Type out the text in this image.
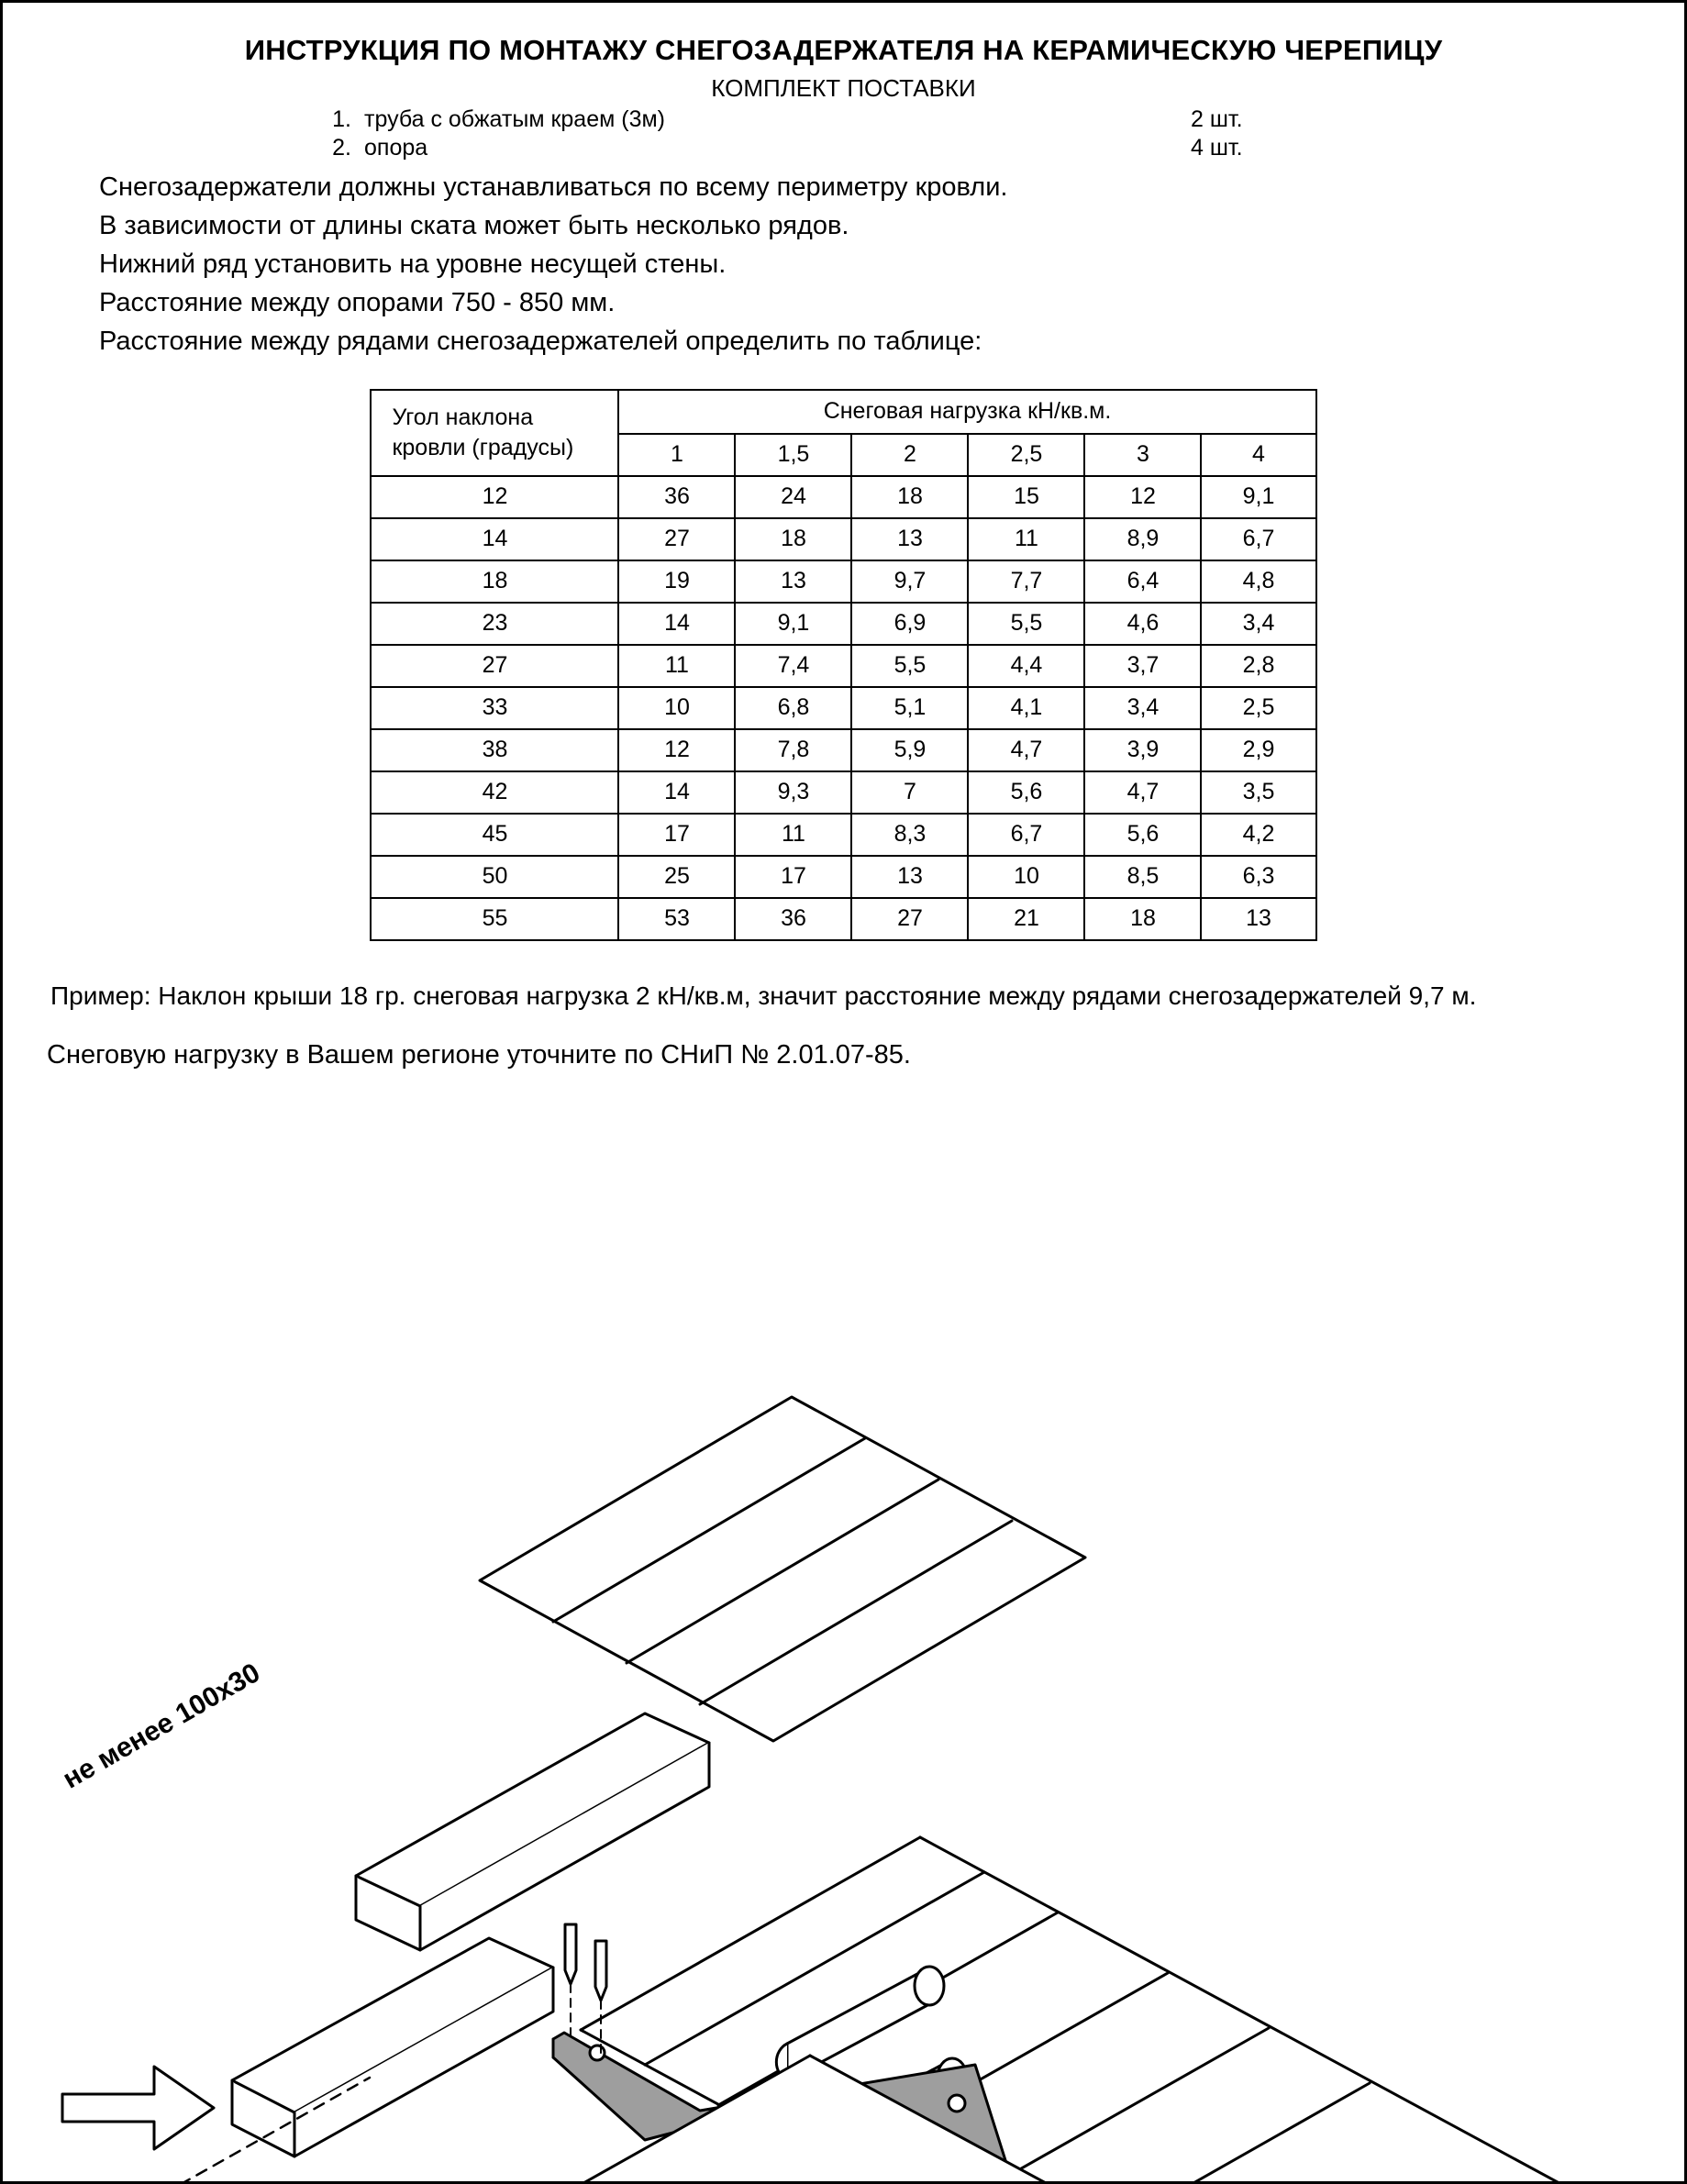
ИНСТРУКЦИЯ ПО МОНТАЖУ СНЕГОЗАДЕРЖАТЕЛЯ НА КЕРАМИЧЕСКУЮ ЧЕРЕПИЦУ
КОМПЛЕКТ ПОСТАВКИ
1. труба с обжатым краем (3м)	2 шт.
2. опора	4 шт.
Снегозадержатели должны устанавливаться по всему периметру кровли.
В зависимости от длины ската может быть несколько рядов.
Нижний ряд установить на уровне несущей стены.
Расстояние между опорами 750 - 850 мм.
Расстояние между рядами снегозадержателей определить по таблице:
Угол наклона
кровли (градусы)	Снеговая нагрузка кН/кв.м.					
	1	1,5	2	2,5	3	4
12	36	24	18	15	12	9,1
14	27	18	13	11	8,9	6,7
18	19	13	9,7	7,7	6,4	4,8
23	14	9,1	6,9	5,5	4,6	3,4
27	11	7,4	5,5	4,4	3,7	2,8
33	10	6,8	5,1	4,1	3,4	2,5
38	12	7,8	5,9	4,7	3,9	2,9
42	14	9,3	7	5,6	4,7	3,5
45	17	11	8,3	6,7	5,6	4,2
50	25	17	13	10	8,5	6,3
55	53	36	27	21	18	13
Пример: Наклон крыши 18 гр. снеговая нагрузка 2 кН/кв.м, значит расстояние между рядами снегозадержателей 9,7 м.
Снеговую нагрузку в Вашем регионе уточните по СНиП № 2.01.07-85.
не менее 100х30
